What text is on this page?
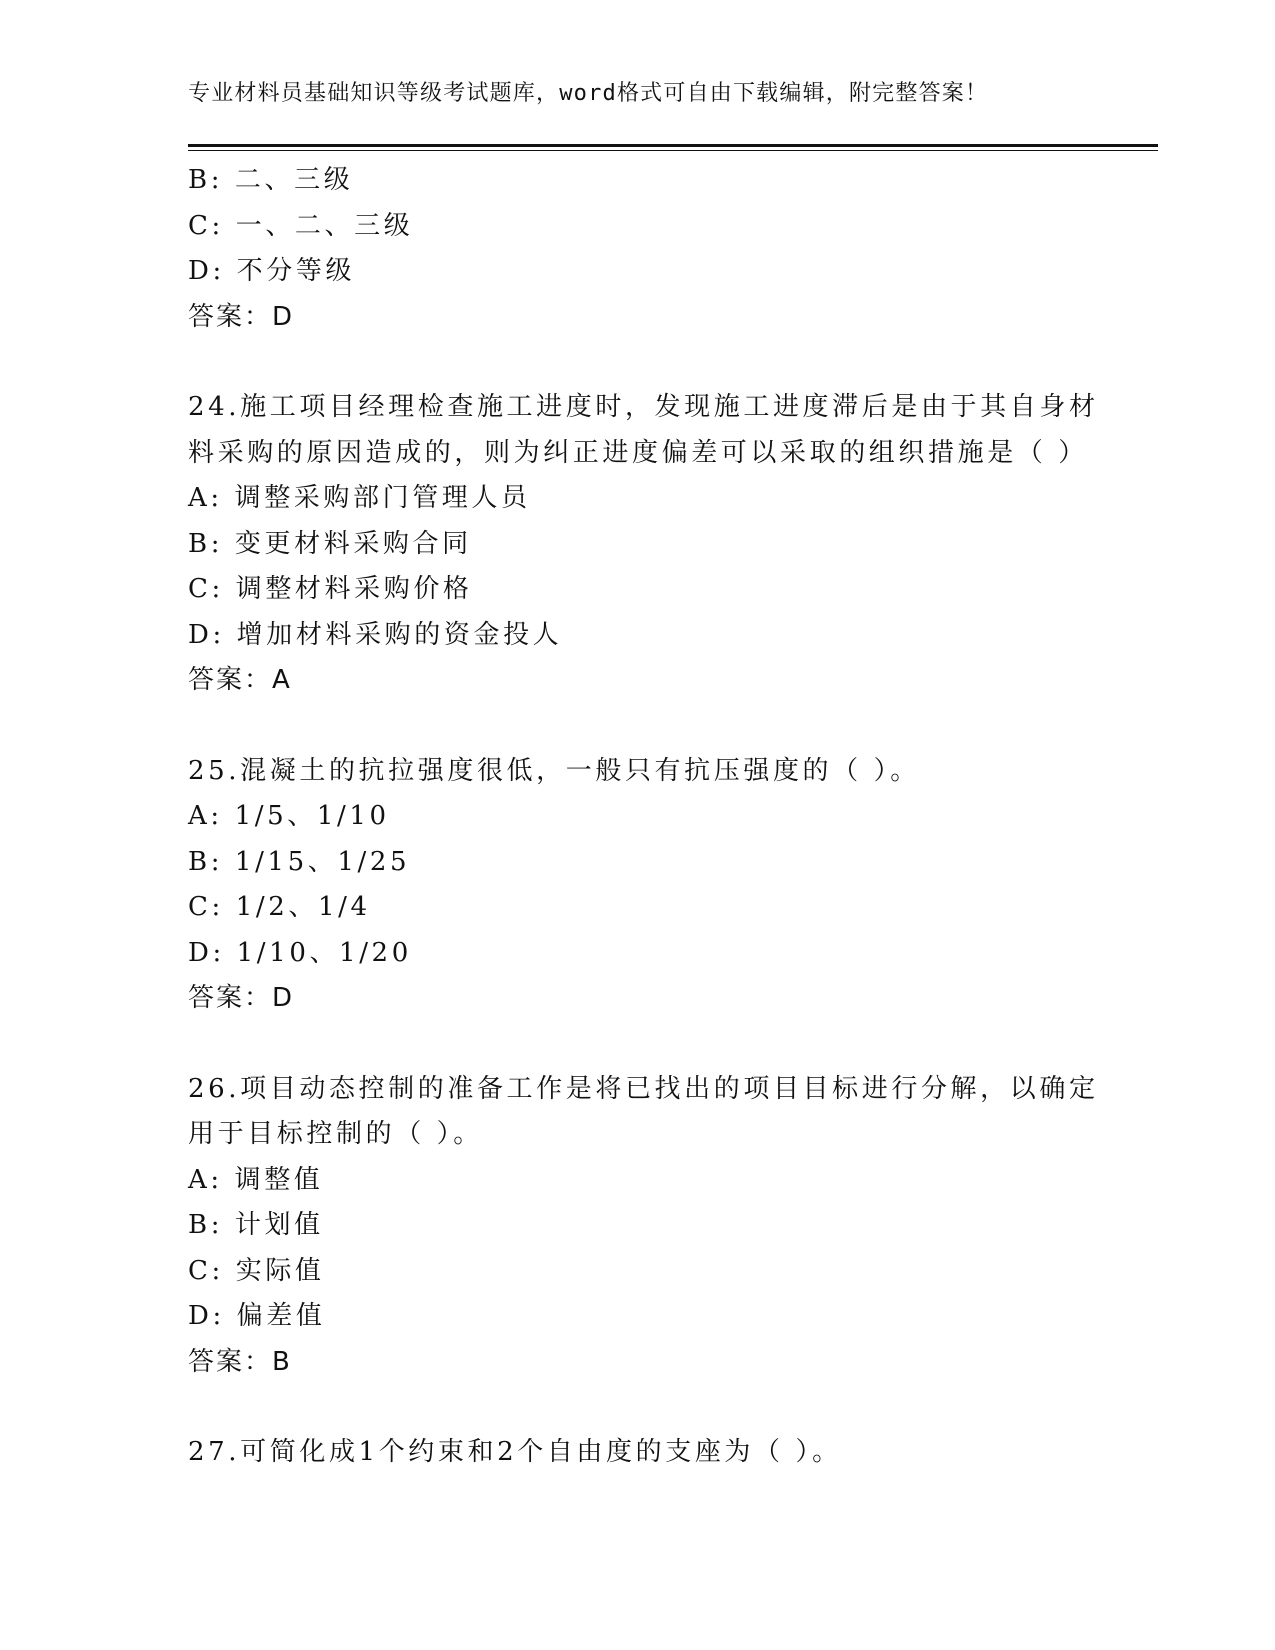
专业材料员基础知识等级考试题库，word格式可自由下载编辑，附完整答案！
B: 二、三级
C: 一、二、三级
D: 不分等级
答案：D
24.施工项目经理检查施工进度时，发现施工进度滞后是由于其自身材
料采购的原因造成的，则为纠正进度偏差可以采取的组织措施是（ ）
A: 调整采购部门管理人员
B: 变更材料采购合同
C: 调整材料采购价格
D: 增加材料采购的资金投人
答案：A
25.混凝土的抗拉强度很低，一般只有抗压强度的（ ）。
A: 1/5、1/10
B: 1/15、1/25
C: 1/2、1/4
D: 1/10、1/20
答案：D
26.项目动态控制的准备工作是将已找出的项目目标进行分解，以确定
用于目标控制的（ ）。
A: 调整值
B: 计划值
C: 实际值
D: 偏差值
答案：B
27.可简化成1个约束和2个自由度的支座为（ ）。
